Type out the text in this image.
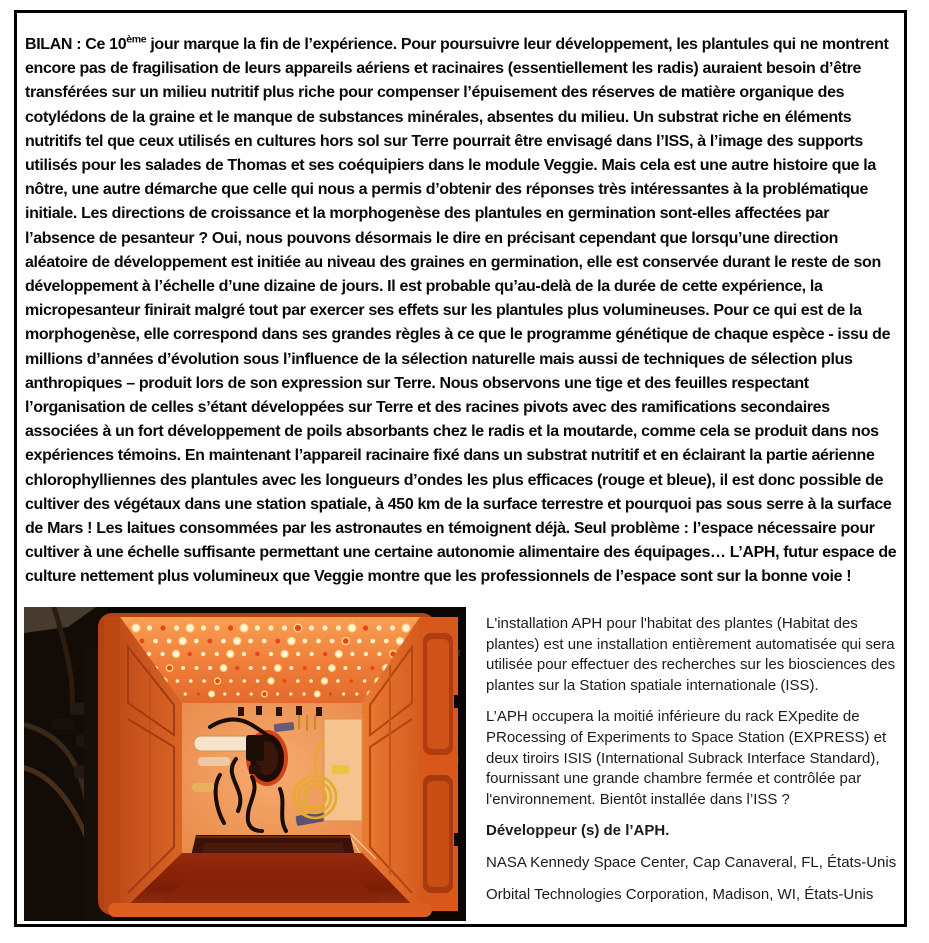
BILAN : Ce 10ème jour marque la fin de l’expérience. Pour poursuivre leur développement, les plantules qui ne montrent encore pas de fragilisation de leurs appareils aériens et racinaires (essentiellement les radis) auraient besoin d’être transférées sur un milieu nutritif plus riche pour compenser l’épuisement des réserves de matière organique des cotylédons de la graine et le manque de substances minérales, absentes du milieu. Un substrat riche en éléments nutritifs tel que ceux utilisés en cultures hors sol sur Terre pourrait être envisagé dans l’ISS, à l’image des supports utilisés pour les salades de Thomas et ses coéquipiers dans le module Veggie. Mais cela est une autre histoire que la nôtre, une autre démarche que celle qui nous a permis d’obtenir des réponses très intéressantes à la problématique initiale. Les directions de croissance et la morphogenèse des plantules en germination sont-elles affectées par l’absence de pesanteur ? Oui, nous pouvons désormais le dire en précisant cependant que lorsqu’une direction aléatoire de développement est initiée au niveau des graines en germination, elle est conservée durant le reste de son développement à l’échelle d’une dizaine de jours. Il est probable qu’au-delà de la durée de cette expérience, la micropesanteur finirait malgré tout par exercer ses effets sur les plantules plus volumineuses. Pour ce qui est de la morphogenèse, elle correspond dans ses grandes règles à ce que le programme génétique de chaque espèce - issu de millions d’années d’évolution sous l’influence de la sélection naturelle mais aussi de techniques de sélection plus anthropiques – produit lors de son expression sur Terre. Nous observons une tige et des feuilles respectant l’organisation de celles s’étant développées sur Terre et des racines pivots avec des ramifications secondaires associées à un fort développement de poils absorbants chez le radis et la moutarde, comme cela se produit dans nos expériences témoins. En maintenant l’appareil racinaire fixé dans un substrat nutritif et en éclairant la partie aérienne chlorophylliennes des plantules avec les longueurs d’ondes les plus efficaces (rouge et bleue), il est donc possible de cultiver des végétaux dans une station spatiale, à 450 km de la surface terrestre et pourquoi pas sous serre à la surface de Mars ! Les laitues consommées par les astronautes en témoignent déjà. Seul problème : l’espace nécessaire pour cultiver à une échelle suffisante permettant une certaine autonomie alimentaire des équipages… L’APH, futur espace de culture nettement plus volumineux que Veggie montre que les professionnels de l’espace sont sur la bonne voie !

L'installation APH pour l'habitat des plantes (Habitat des plantes) est une installation entièrement automatisée qui sera utilisée pour effectuer des recherches sur les biosciences des plantes sur la Station spatiale internationale (ISS).

L’APH occupera la moitié inférieure du rack EXpedite de PRocessing of Experiments to Space Station (EXPRESS) et deux tiroirs ISIS (International Subrack Interface Standard), fournissant une grande chambre fermée et contrôlée par l'environnement. Bientôt installée dans l’ISS ?

Développeur (s) de l’APH.

NASA Kennedy Space Center, Cap Canaveral, FL, États-Unis

Orbital Technologies Corporation, Madison, WI, États-Unis
